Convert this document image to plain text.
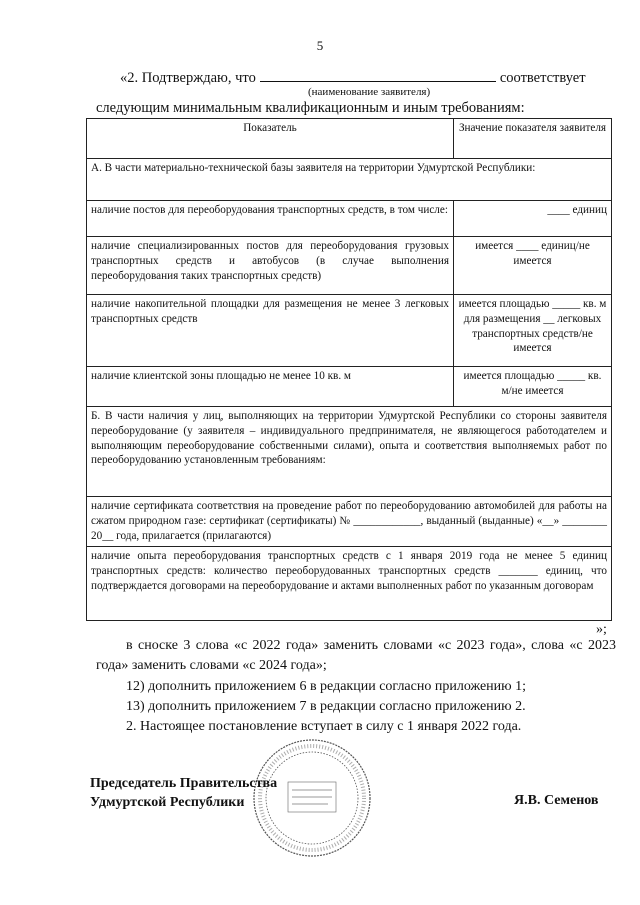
5
«2. Подтверждаю, что	соответствует
(наименование заявителя)
следующим минимальным квалификационным и иным требованиям:
Показатель	Значение показателя заявителя
А. В части материально-технической базы заявителя на территории Удмуртской Республики:	
наличие постов для переоборудования транспортных средств, в том числе:	____ единиц
наличие специализированных постов для переоборудования грузовых транспортных средств и автобусов (в случае выполнения переоборудования таких транспортных средств)	имеется ____ единиц/не имеется
наличие накопительной площадки для размещения не менее 3 легковых транспортных средств	имеется площадью _____ кв. м для размещения __ легковых транспортных средств/не имеется
наличие клиентской зоны площадью не менее 10 кв. м	имеется площадью _____ кв. м/не имеется
Б. В части наличия у лиц, выполняющих на территории Удмуртской Республики со стороны заявителя переоборудование (у заявителя – индивидуального предпринимателя, не являющегося работодателем и выполняющим переоборудование собственными силами), опыта и соответствия выполняемых работ по переоборудованию установленным требованиям:	
наличие сертификата соответствия на проведение работ по переоборудованию автомобилей для работы на сжатом природном газе: сертификат (сертификаты) № ____________, выданный (выданные) «__» ________ 20__ года, прилагается (прилагаются)	
наличие опыта переоборудования транспортных средств с 1 января 2019 года не менее 5 единиц транспортных средств: количество переоборудованных транспортных средств _______ единиц, что подтверждается договорами на переоборудование и актами выполненных работ по указанным договорам	
»;

в сноске 3 слова «с 2022 года» заменить словами «с 2023 года», слова «с 2023 года» заменить словами «с 2024 года»;

12) дополнить приложением 6 в редакции согласно приложению 1;

13) дополнить приложением 7 в редакции согласно приложению 2.

2. Настоящее постановление вступает в силу с 1 января 2022 года.

Председатель Правительства
Удмуртской Республики	Я.В. Семенов
